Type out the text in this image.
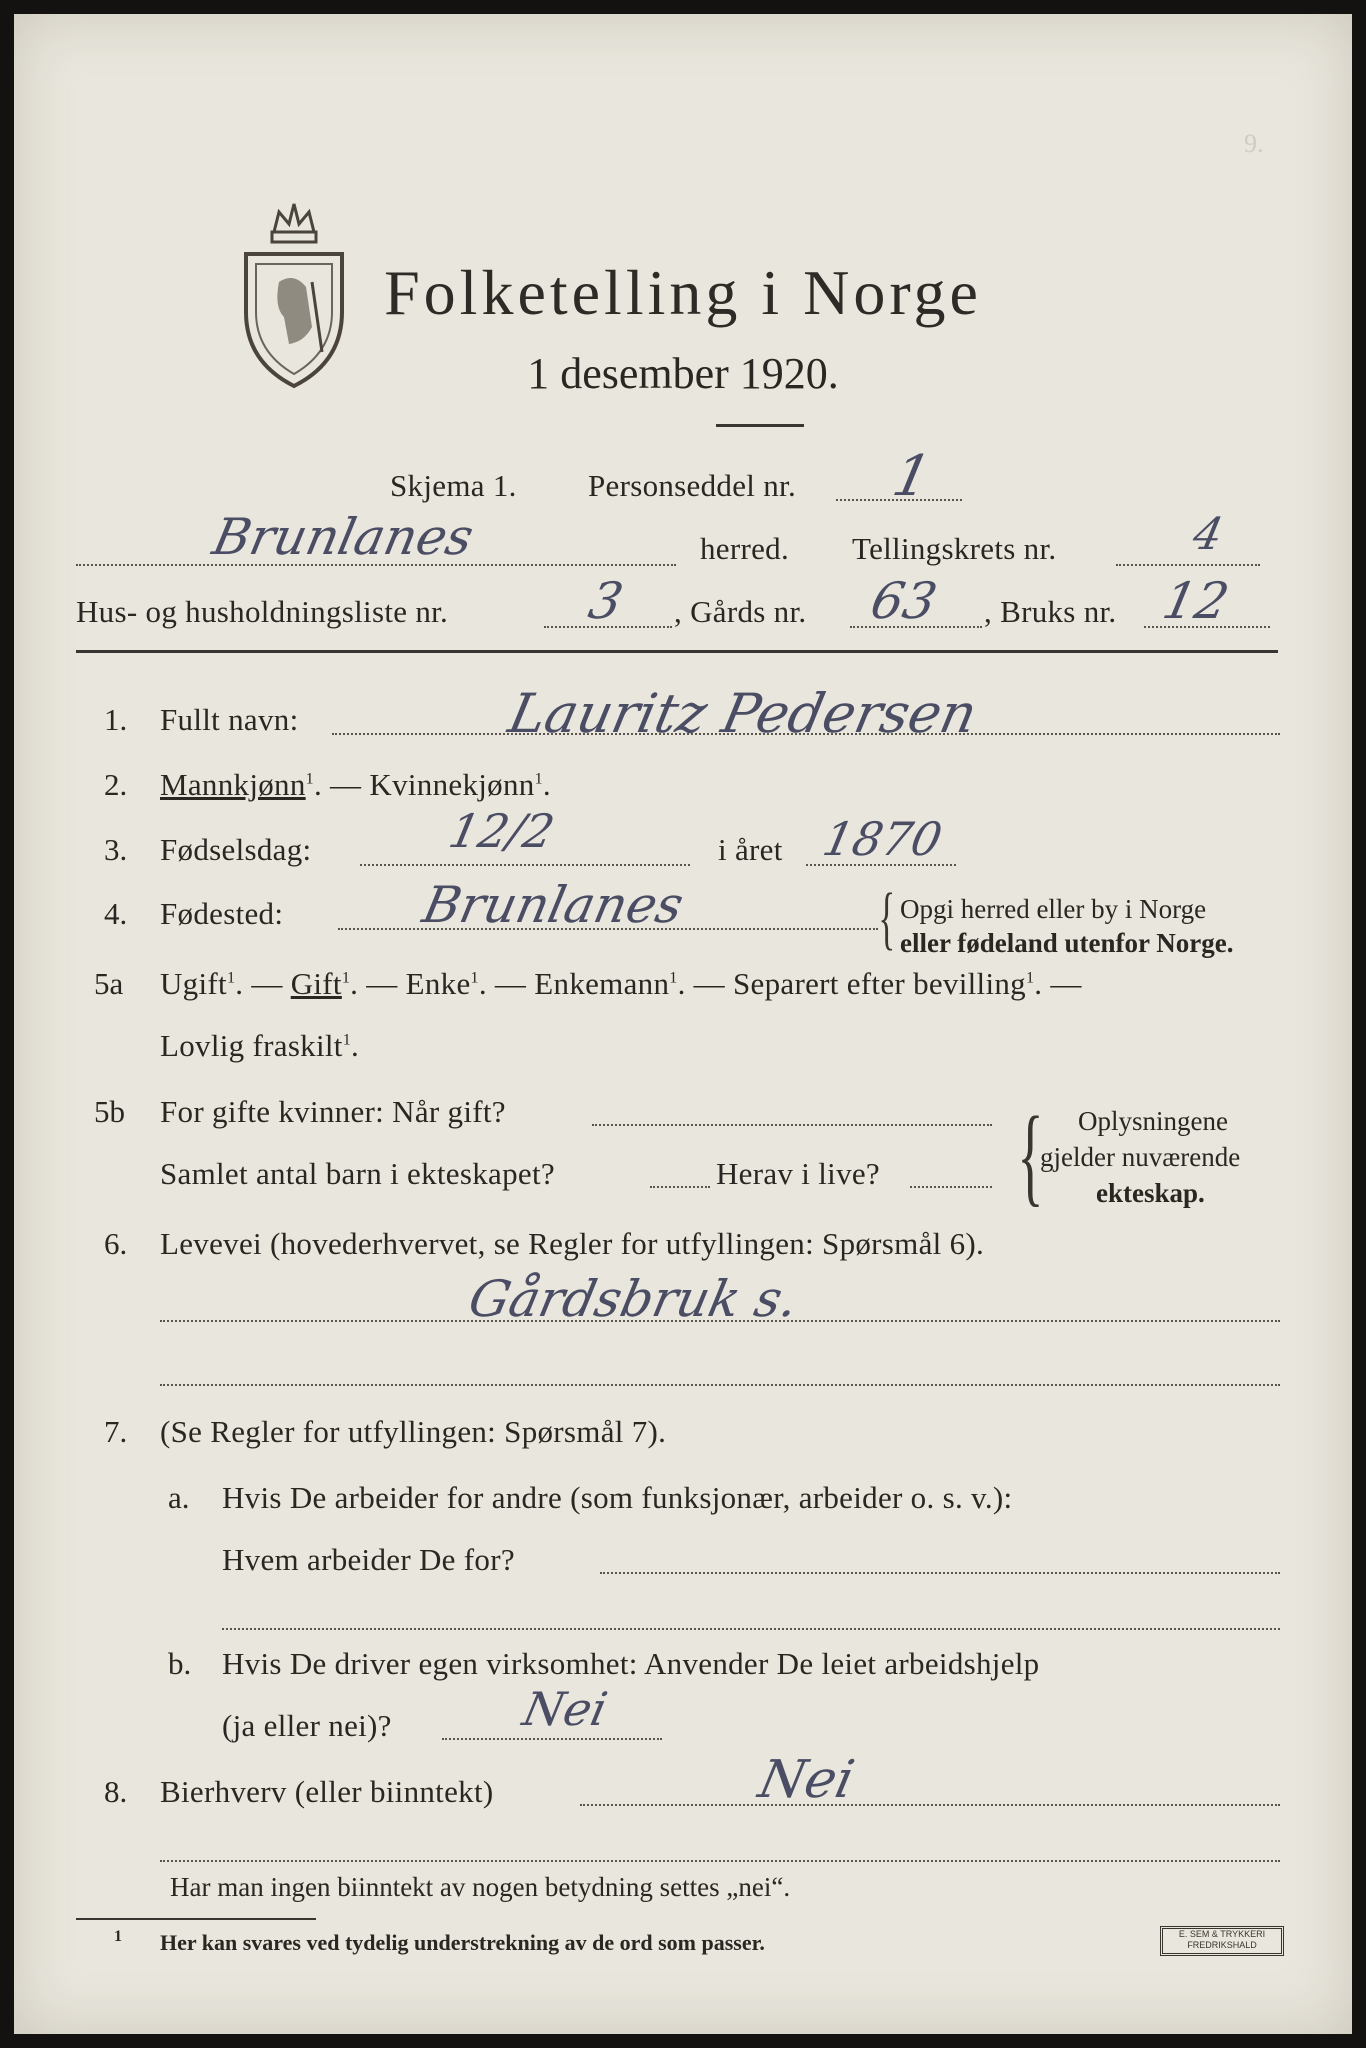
9.
Folketelling i Norge
1 desember 1920.
Skjema 1. Personseddel nr. 1
Brunlanes	herred. Tellingskrets nr.	4
Hus- og husholdningsliste nr.	3 , Gårds nr. 63 , Bruks nr. 12
1. Fullt navn:	Lauritz Pedersen
2. Mannkjønn$^1$. — Kvinnekjønn$^1$.
3. Fødselsdag:	12/2	i året 1870
4. Fødested:	Brunlanes	{ Opgi herred eller by i Norge
eller fødeland utenfor Norge.
5a Ugift$^1$. — Gift$^1$. — Enke$^1$. — Enkemann$^1$. — Separert efter bevilling$^1$. —
Lovlig fraskilt$^1$.
5b For gifte kvinner: Når gift?
Samlet antal barn i ekteskapet?	Herav i live? { Oplysningene
gjelder nuværende
ekteskap.
6. Levevei (hovederhvervet, se Regler for utfyllingen: Spørsmål 6).
Gårdsbruk s.
7. (Se Regler for utfyllingen: Spørsmål 7).
a. Hvis De arbeider for andre (som funksjonær, arbeider o. s. v.):
Hvem arbeider De for?
b. Hvis De driver egen virksomhet: Anvender De leiet arbeidshjelp
(ja eller nei)?	Nei
8. Bierhverv (eller biinntekt)	Nei
Har man ingen biinntekt av nogen betydning settes „nei“.
1 Her kan svares ved tydelig understrekning av de ord som passer.	E. SEM & TRYKKERI
FREDRIKSHALD
